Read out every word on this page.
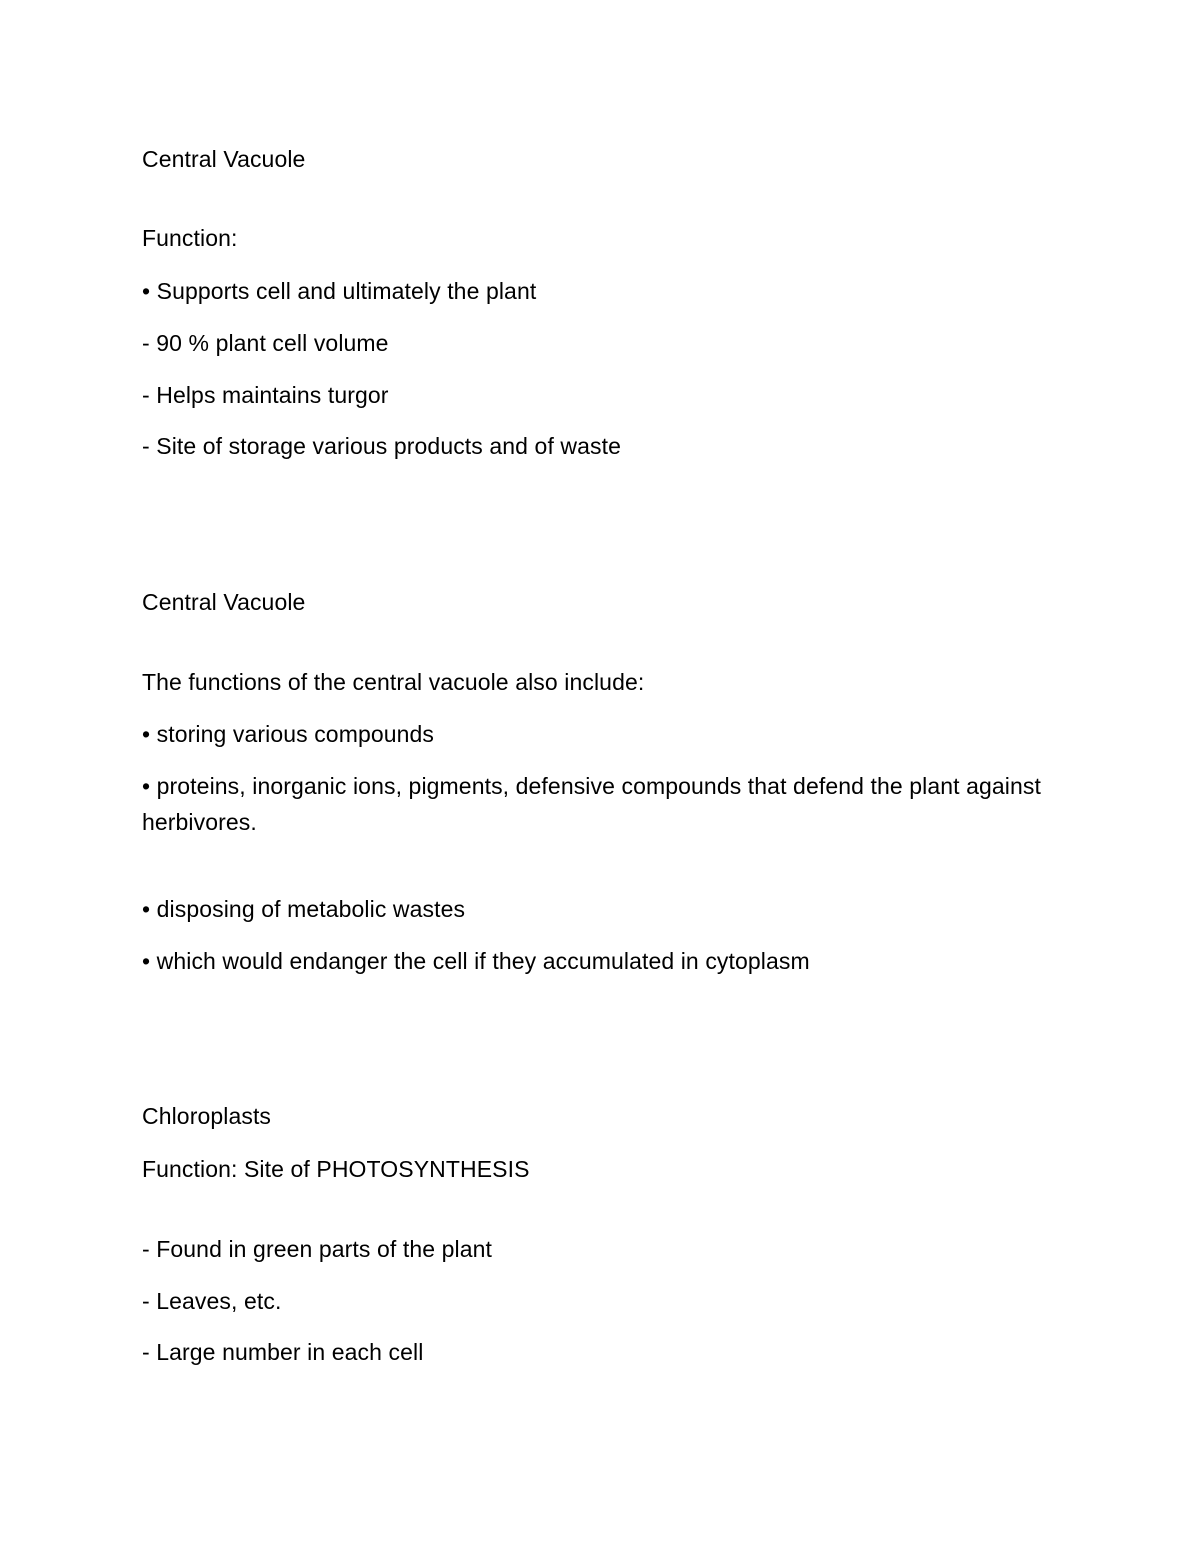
Central Vacuole
Function:
• Supports cell and ultimately the plant
- 90 % plant cell volume
- Helps maintains turgor
- Site of storage various products and of waste
Central Vacuole
The functions of the central vacuole also include:
• storing various compounds
• proteins, inorganic ions, pigments, defensive compounds that defend the plant against herbivores.
• disposing of metabolic wastes
• which would endanger the cell if they accumulated in cytoplasm
Chloroplasts
Function: Site of PHOTOSYNTHESIS
- Found in green parts of the plant
- Leaves, etc.
- Large number in each cell
